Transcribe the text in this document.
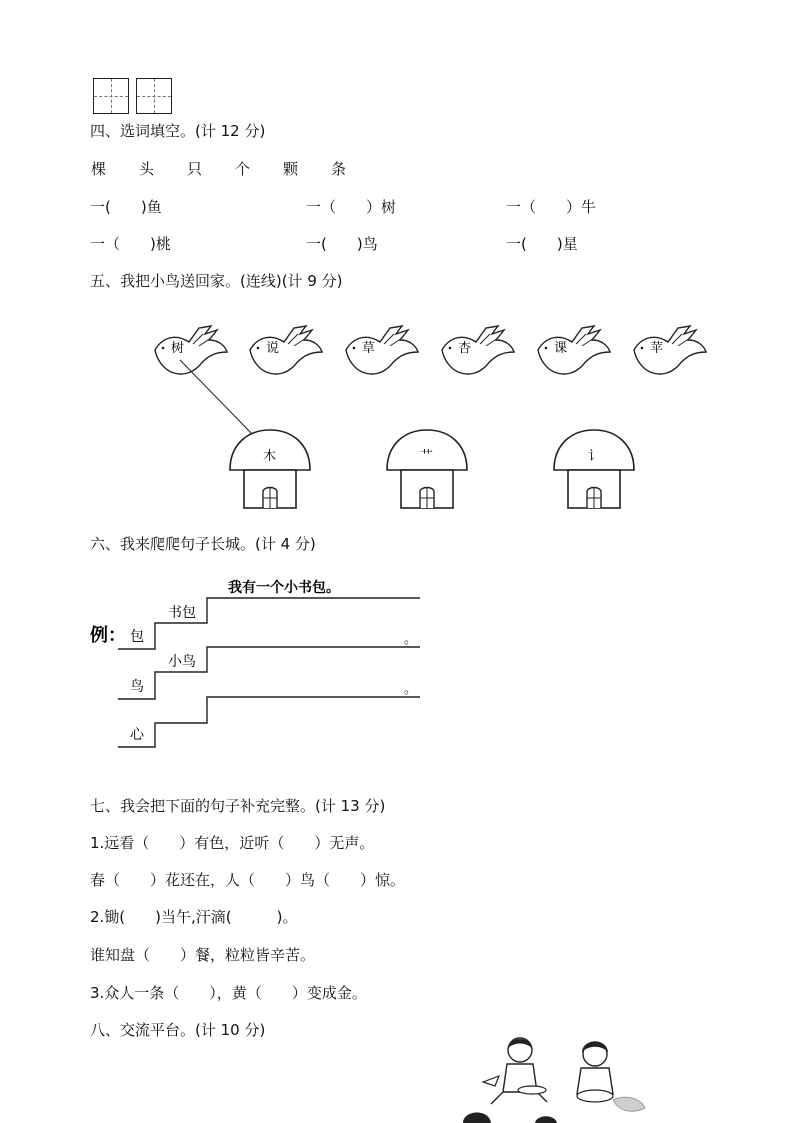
四、选词填空。(计 12 分)
棵 头 只 个 颗 条
一(　　)鱼	一（　　）树	一（　　）牛
一（　　)桃	一(　　)鸟	一(　　)星
五、我把小鸟送回家。(连线)(计 9 分)
树	说	草	杏	课	苹
木	艹	讠
六、我来爬爬句子长城。(计 4 分)
例： 包
书包
我有一个小书包。
鸟
小鸟
。
心
。
七、我会把下面的句子补充完整。(计 13 分)
1.远看（　　）有色，近听（　　）无声。
春（　　）花还在，人（　　）鸟（　　）惊。
2.锄(　　)当午,汗滴(　　　)。
谁知盘（　　）餐，粒粒皆辛苦。
3.众人一条（　　），黄（　　）变成金。
八、交流平台。(计 10 分)
